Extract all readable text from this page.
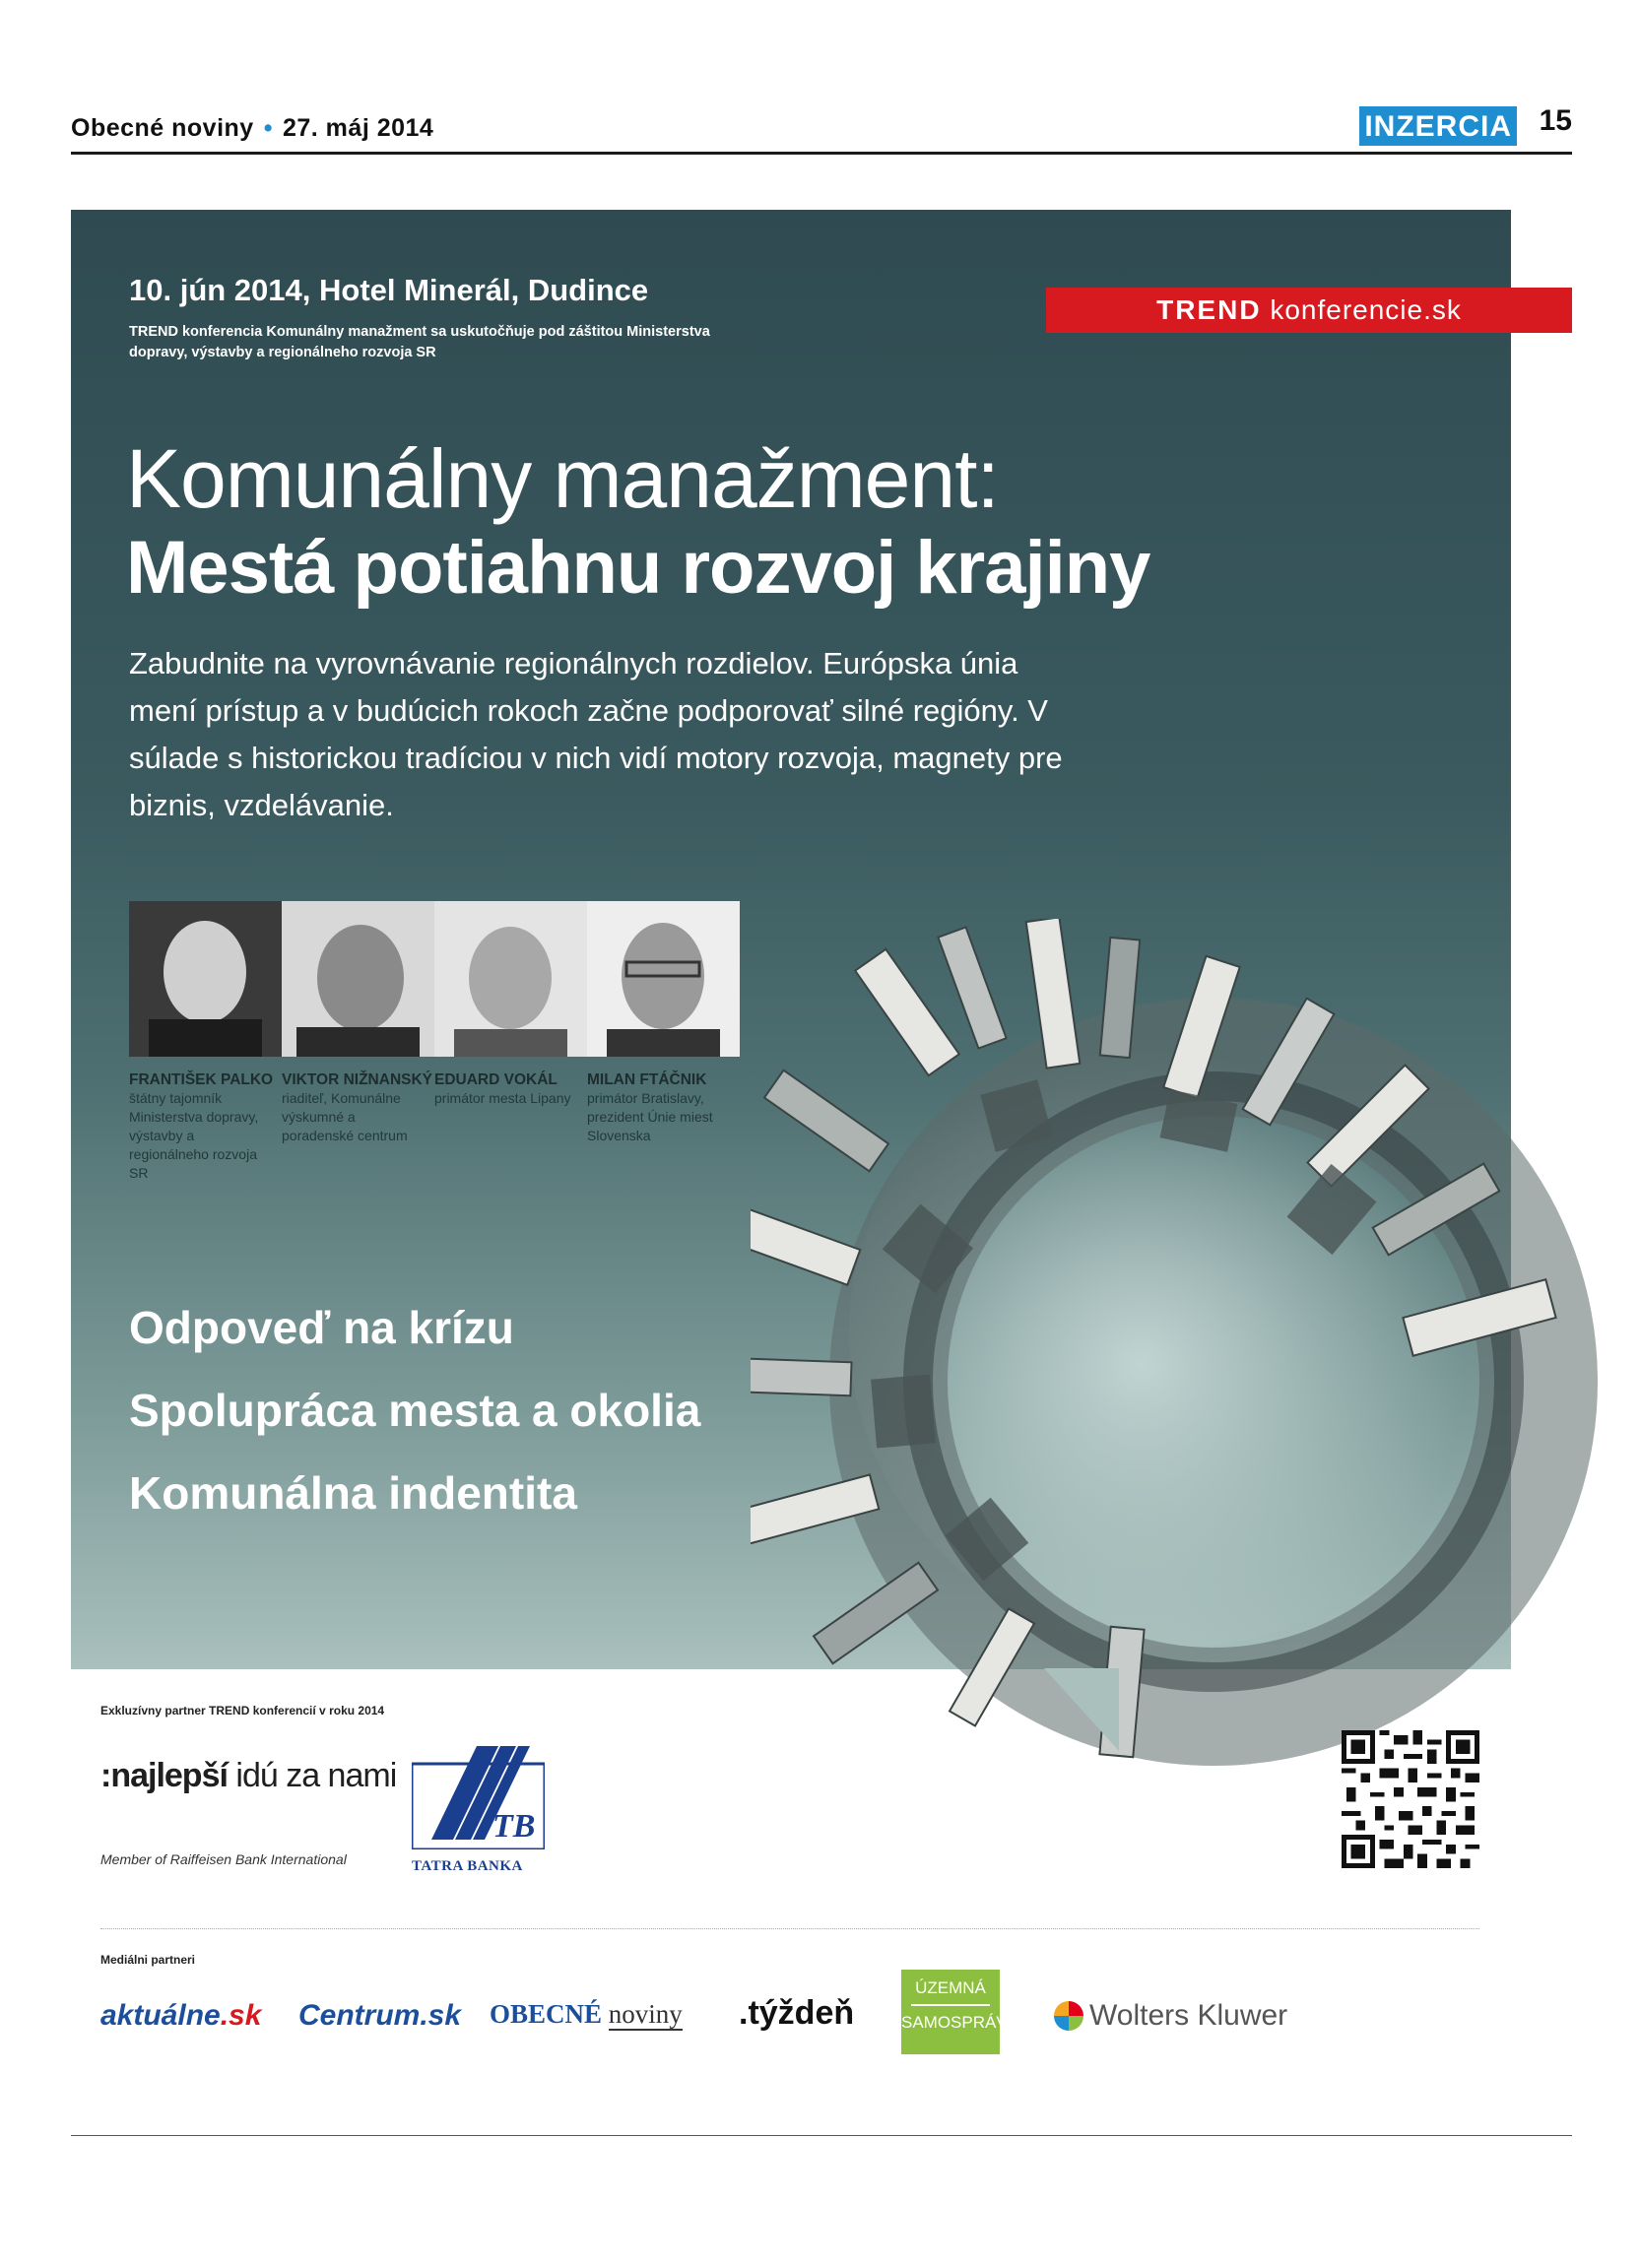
Obecné noviny • 27. máj 2014	INZERCIA 15
10. jún 2014, Hotel Minerál, Dudince
TREND konferencia Komunálny manažment sa uskutočňuje pod záštitou Ministerstva dopravy, výstavby a regionálneho rozvoja SR
TREND konferencie.sk
Komunálny manažment:
Mestá potiahnu rozvoj krajiny
Zabudnite na vyrovnávanie regionálnych rozdielov. Európska únia mení prístup a v budúcich rokoch začne podporovať silné regióny. V súlade s historickou tradíciou v nich vidí motory rozvoja, magnety pre biznis, vzdelávanie.
FRANTIŠEK PALKO
štátny tajomník Ministerstva dopravy, výstavby a regionálneho rozvoja SR
VIKTOR NIŽNANSKÝ
riaditeľ, Komunálne výskumné a poradenské centrum
EDUARD VOKÁL
primátor mesta Lipany
MILAN FTÁČNIK
primátor Bratislavy, prezident Únie miest Slovenska
Odpoveď na krízu
Spolupráca mesta a okolia
Komunálna indentita
Exkluzívny partner TREND konferencií v roku 2014
:najlepší idú za nami
Member of Raiffeisen Bank International
TB
TATRA BANKA
Mediálni partneri
aktuálne.sk Centrum.sk OBECNÉ noviny .týždeň
ÚZEMNÁ
SAMOSPRÁVA	Wolters Kluwer
